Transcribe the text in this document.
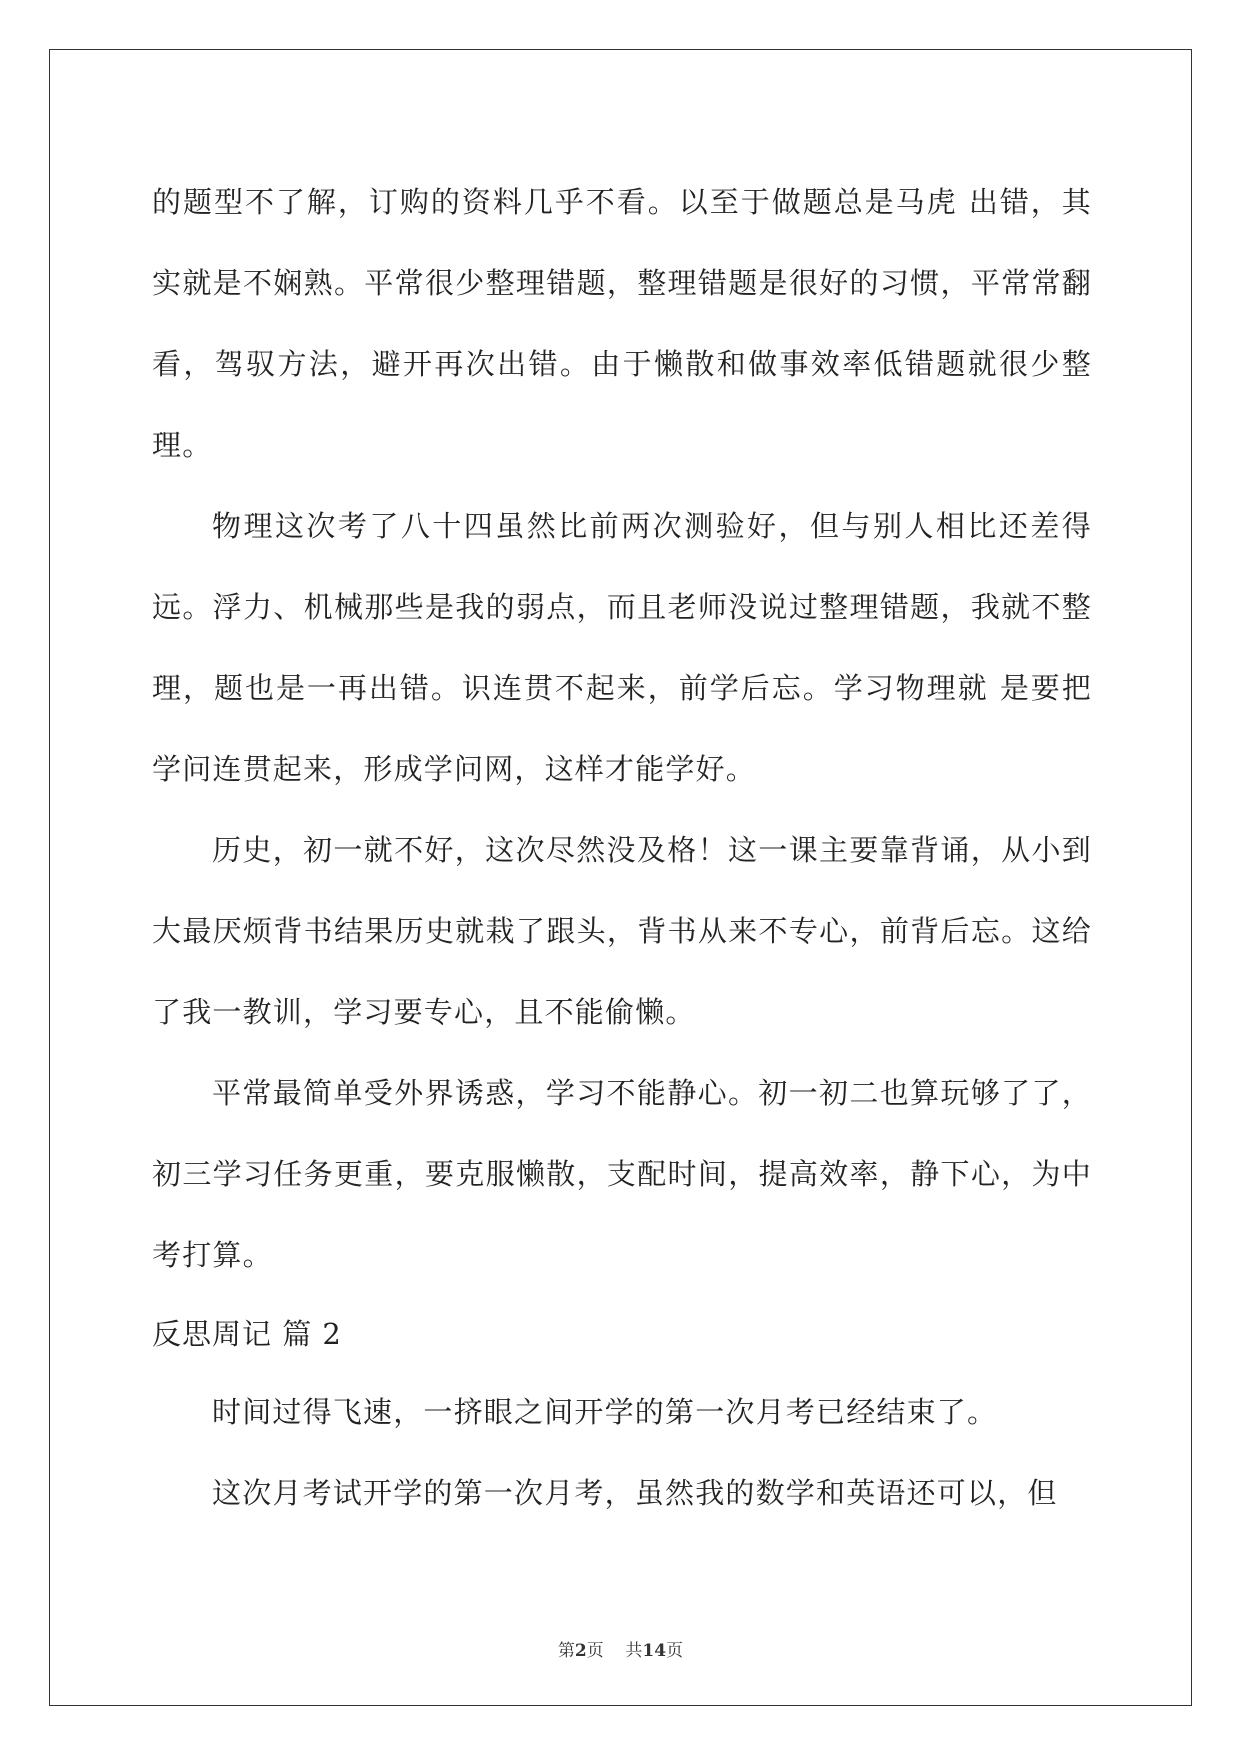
的题型不了解，订购的资料几乎不看。以至于做题总是马虎 出错，其实就是不娴熟。平常很少整理错题，整理错题是很好的习惯，平常常翻看，驾驭方法，避开再次出错。由于懒散和做事效率低错题就很少整理。

物理这次考了八十四虽然比前两次测验好，但与别人相比还差得远。浮力、机械那些是我的弱点，而且老师没说过整理错题，我就不整理，题也是一再出错。识连贯不起来，前学后忘。学习物理就 是要把学问连贯起来，形成学问网，这样才能学好。

历史，初一就不好，这次尽然没及格！这一课主要靠背诵，从小到大最厌烦背书结果历史就栽了跟头，背书从来不专心，前背后忘。这给了我一教训，学习要专心，且不能偷懒。

平常最简单受外界诱惑，学习不能静心。初一初二也算玩够了了，初三学习任务更重，要克服懒散，支配时间，提高效率，静下心，为中考打算。

反思周记 篇 2

时间过得飞速，一挤眼之间开学的第一次月考已经结束了。

这次月考试开学的第一次月考，虽然我的数学和英语还可以，但

第2页 共14页
